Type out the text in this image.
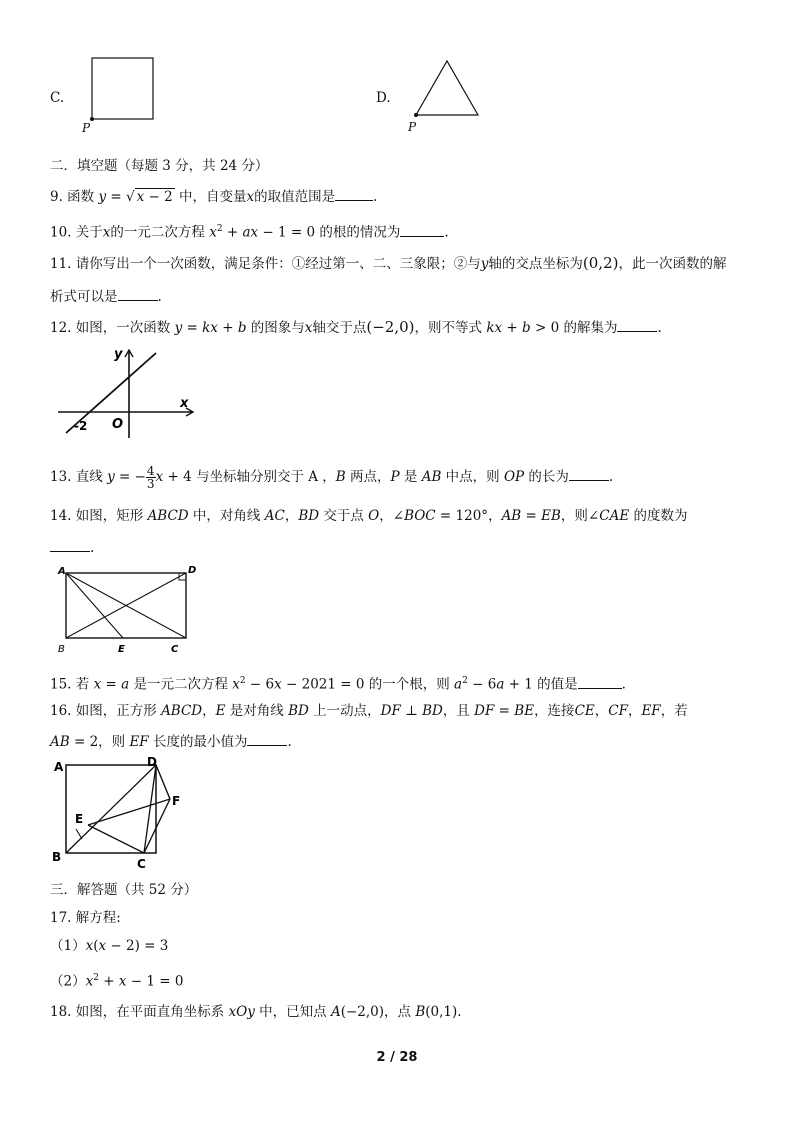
C.
P
D.
P
二．填空题（每题 3 分，共 24 分）
9. 函数 y = √ x − 2 中，自变量x的取值范围是	.
10. 关于x的一元二次方程 $x^2$ + ax − 1 = 0 的根的情况为	.
11. 请你写出一个一次函数，满足条件：①经过第一、二、三象限；②与y轴的交点坐标为(0,2)，此一次函数的解
析式可以是	.
12. 如图，一次函数 y = kx + b 的图象与x轴交于点(−2,0)，则不等式 kx + b > 0 的解集为	.
y
x
O
-2
13. 直线 y = − $\frac{4}{3}$ x + 4 与坐标轴分别交于 A ，B 两点，P 是 AB 中点，则 OP 的长为	.
14. 如图，矩形 ABCD 中，对角线 AC，BD 交于点 O，∠BOC = 120°，AB = EB，则∠CAE 的度数为
.
A	D
B	E	C
15. 若 x = a 是一元二次方程 $x^2 - 6x - 2021 = 0$ 的一个根，则 $a^2 - 6a + 1$ 的值是	.
16. 如图，正方形 ABCD，E 是对角线 BD 上一动点，DF ⊥ BD，且 DF = BE，连接CE，CF，EF，若
AB = 2，则 EF 长度的最小值为	.
A	D
F
E
B	C
三．解答题（共 52 分）
17. 解方程:
（1）x(x − 2) = 3
$(2)x^2 + x - 1 = 0$
18. 如图，在平面直角坐标系 xOy 中，已知点 A(−2,0)，点 B(0,1).
2 / 28
